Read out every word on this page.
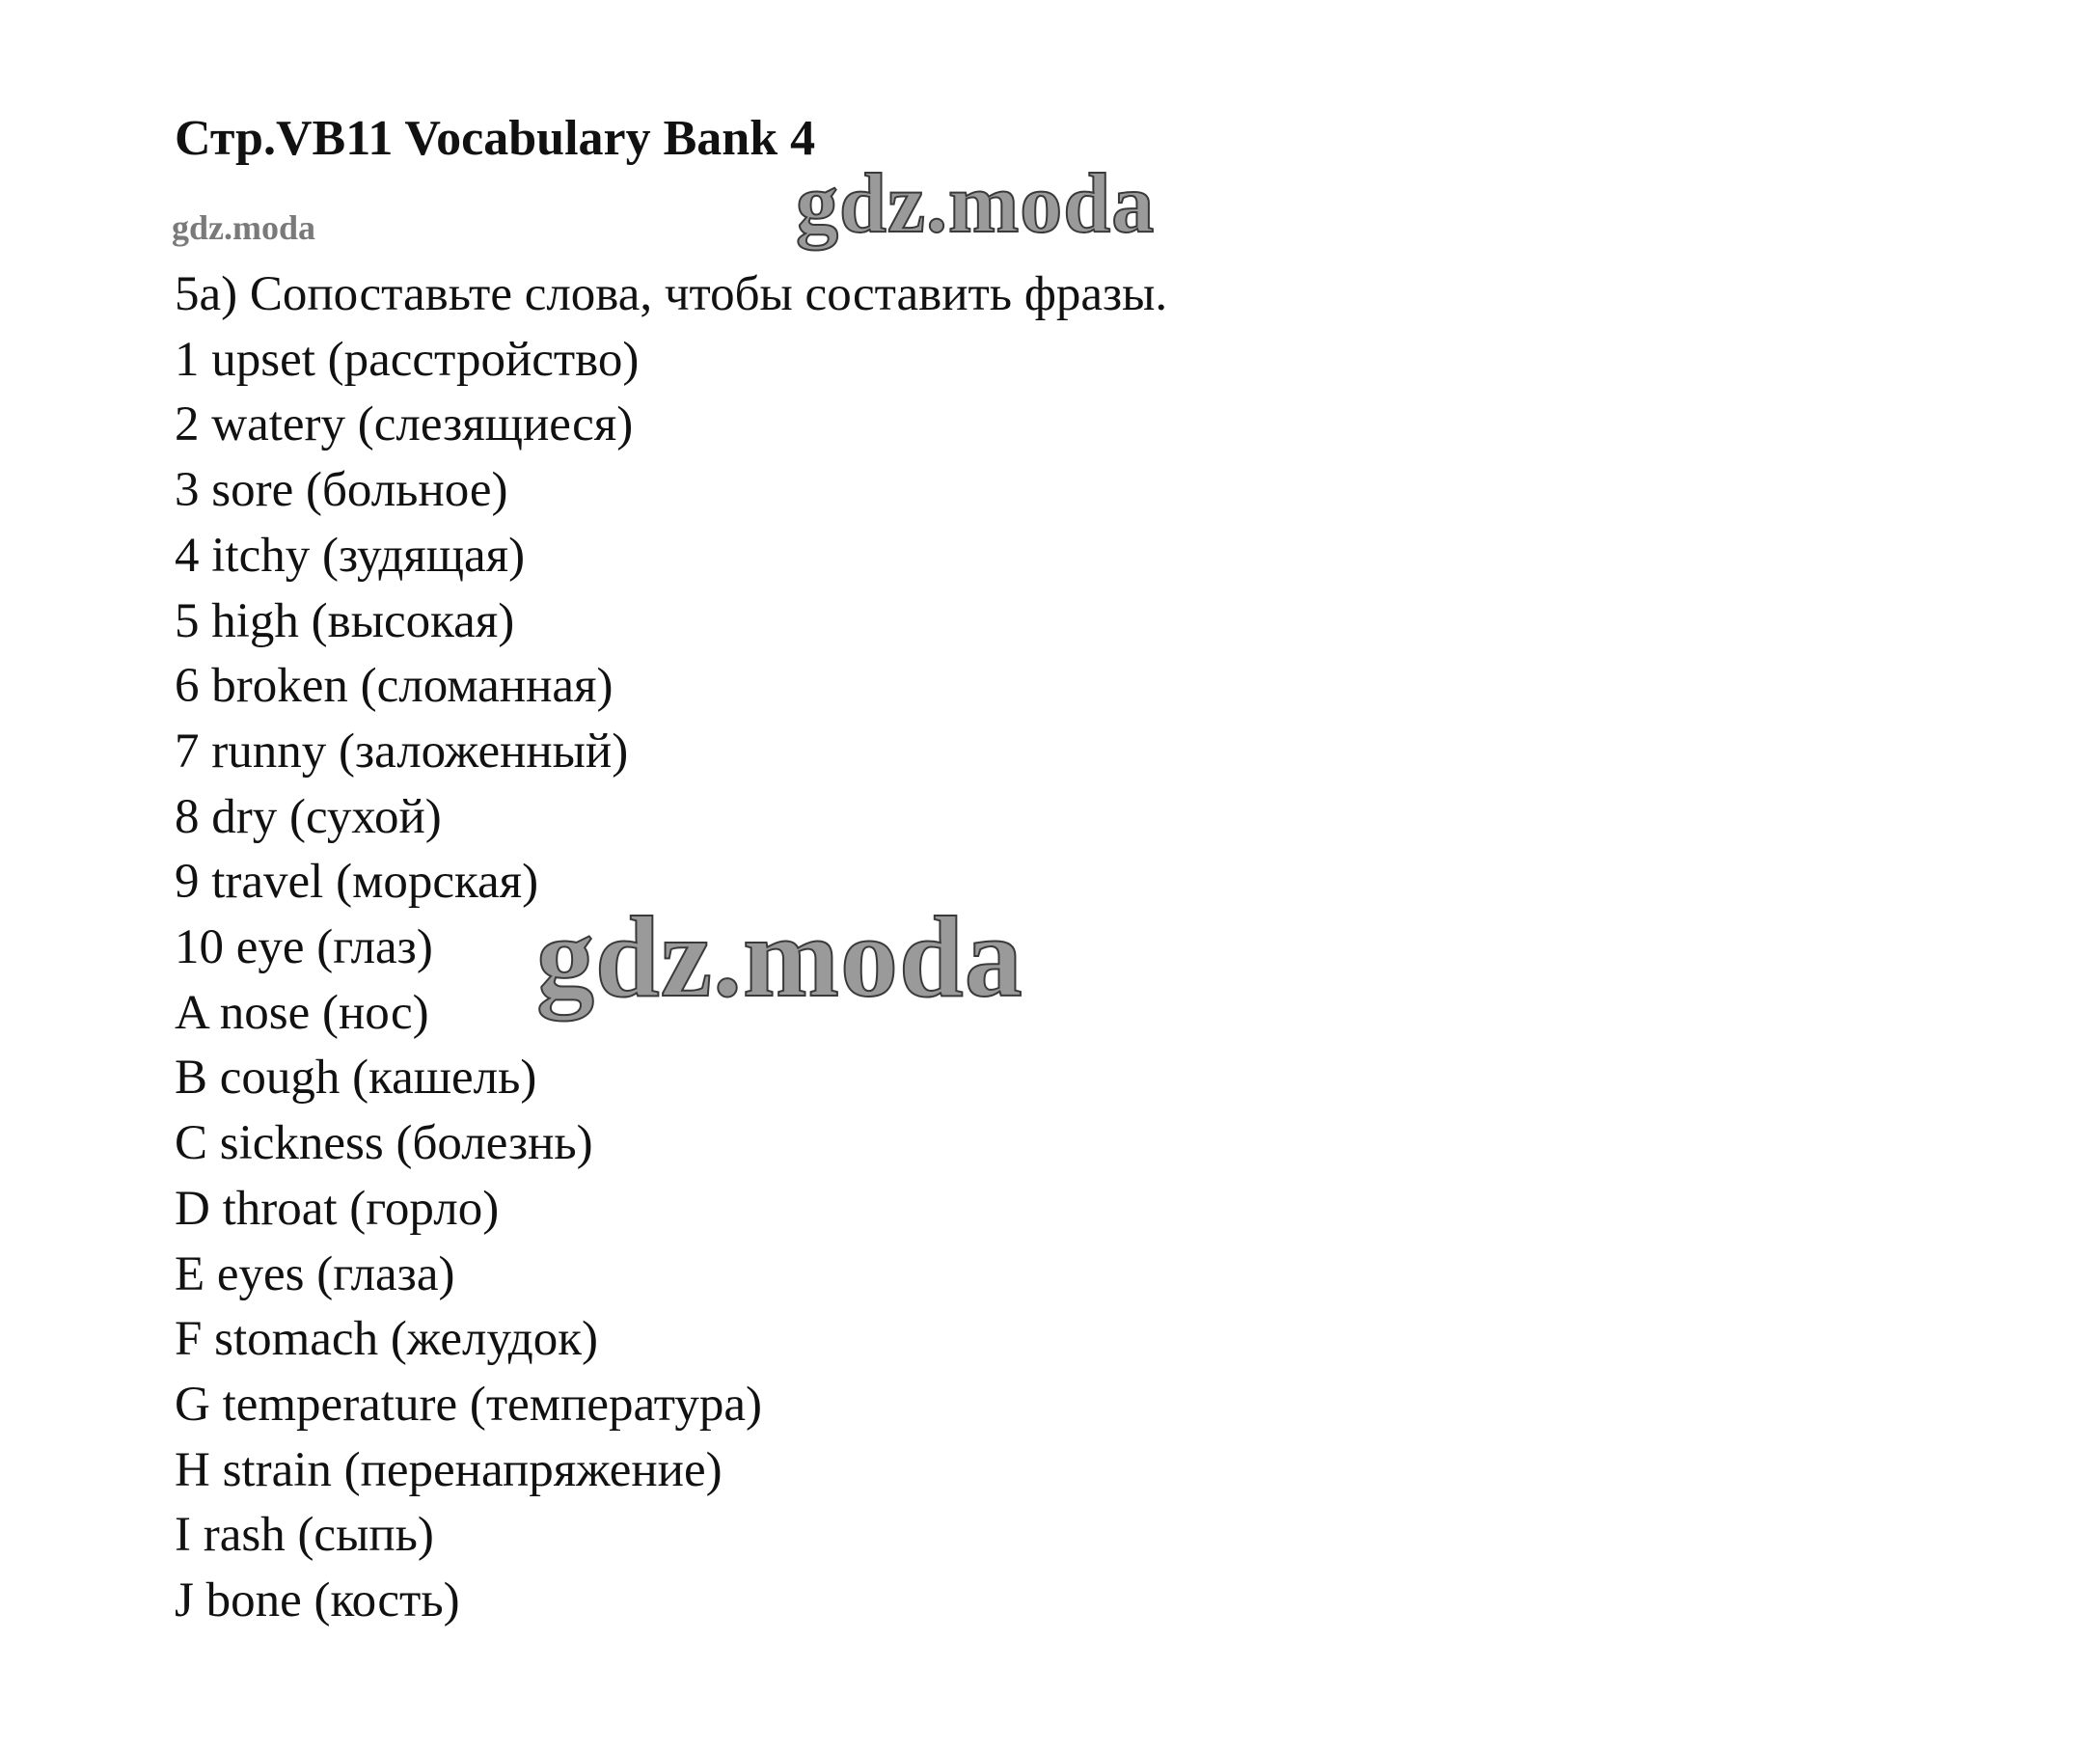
Стр.VB11 Vocabulary Bank 4
gdz.moda	gdz.moda
5a) Сопоставьте слова, чтобы составить фразы.
1 upset (расстройство)
2 watery (слезящиеся)
3 sore (больное)
4 itchy (зудящая)
5 high (высокая)
6 broken (сломанная)
7 runny (заложенный)
8 dry (сухой)
9 travel (морская)
10 eye (глаз)
A nose (нос)
B cough (кашель)
C sickness (болезнь)
D throat (горло)
E eyes (глаза)
F stomach (желудок)
G temperature (температура)
H strain (перенапряжение)
I rash (сыпь)
J bone (кость)
gdz.moda
